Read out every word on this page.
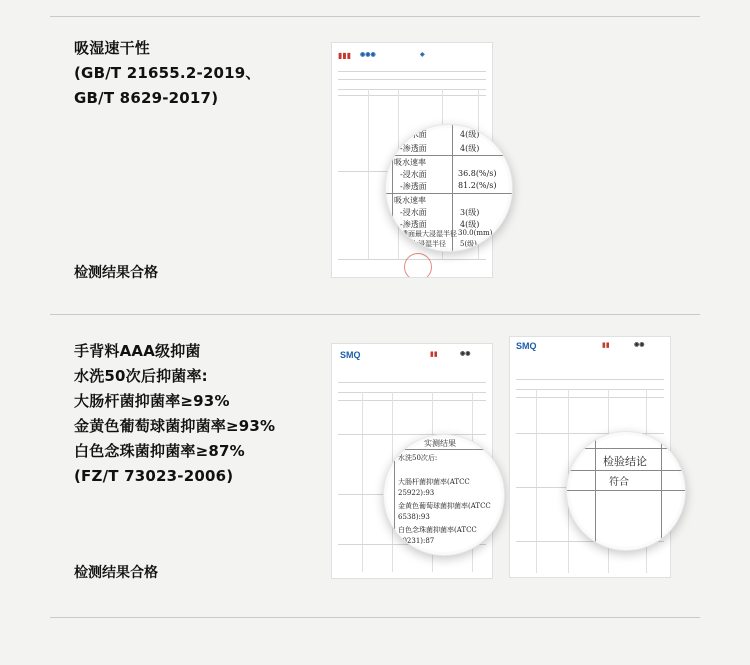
吸湿速干性
(GB/T 21655.2-2019、
GB/T 8629-2017)
检测结果合格
▮▮▮ ◉◉◉	◈
-浸水面	4(级)
-渗透面	4(级)
吸水速率
-浸水面	36.8(%/s)
-渗透面	81.2(%/s)
吸水速率
-浸水面	3(级)
-渗透面	4(级)
渗透面最大浸湿半径 30.0(mm)
最大浸湿半径 5(级)
手背料AAA级抑菌
水洗50次后抑菌率:
大肠杆菌抑菌率≥93%
金黄色葡萄球菌抑菌率≥93%
白色念珠菌抑菌率≥87%
(FZ/T 73023-2006)
检测结果合格
SMQ	▮▮	◉◉
实测结果
水洗50次后:
大肠杆菌抑菌率(ATCC
25922):93
金黄色葡萄球菌抑菌率(ATCC
6538):93
白色念珠菌抑菌率(ATCC
10231):87
SMQ	▮▮	◉◉
检验结论
符合
